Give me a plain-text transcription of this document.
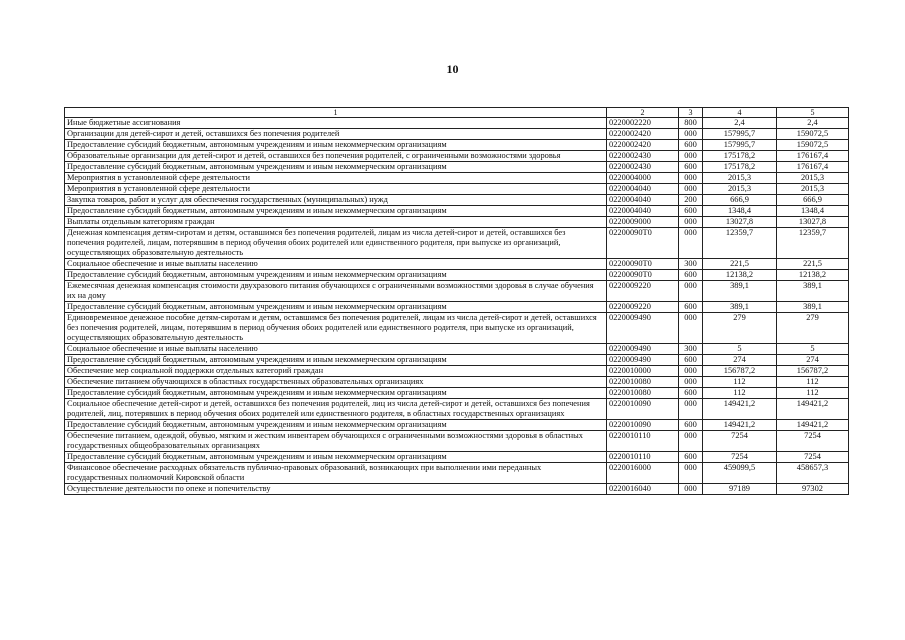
10
1	2	3	4	5
Иные бюджетные ассигнования	0220002220	800	2,4	2,4
Организации для детей-сирот и детей, оставшихся без попечения родителей	0220002420	000	157995,7	159072,5
Предоставление субсидий бюджетным, автономным учреждениям и иным некоммерческим организациям	0220002420	600	157995,7	159072,5
Образовательные организации для детей-сирот и детей, оставшихся без попечения родителей, с ограниченными возможностями здоровья	0220002430	000	175178,2	176167,4
Предоставление субсидий бюджетным, автономным учреждениям и иным некоммерческим организациям	0220002430	600	175178,2	176167,4
Мероприятия в установленной сфере деятельности	0220004000	000	2015,3	2015,3
Мероприятия в установленной сфере деятельности	0220004040	000	2015,3	2015,3
Закупка товаров, работ и услуг для обеспечения государственных (муниципальных) нужд	0220004040	200	666,9	666,9
Предоставление субсидий бюджетным, автономным учреждениям и иным некоммерческим организациям	0220004040	600	1348,4	1348,4
Выплаты отдельным категориям граждан	0220009000	000	13027,8	13027,8
Денежная компенсация детям-сиротам и детям, оставшимся без попечения родителей, лицам из числа детей-сирот и детей, оставшихся без попечения родителей, лицам, потерявшим в период обучения обоих родителей или единственного родителя, при выпуске из организаций, осуществляющих образовательную деятельность	02200090Т0	000	12359,7	12359,7
Социальное обеспечение и иные выплаты населению	02200090Т0	300	221,5	221,5
Предоставление субсидий бюджетным, автономным учреждениям и иным некоммерческим организациям	02200090Т0	600	12138,2	12138,2
Ежемесячная денежная компенсация стоимости двухразового питания обучающихся с ограниченными возможностями здоровья в случае обучения их на дому	0220009220	000	389,1	389,1
Предоставление субсидий бюджетным, автономным учреждениям и иным некоммерческим организациям	0220009220	600	389,1	389,1
Единовременное денежное пособие детям-сиротам и детям, оставшимся без попечения родителей, лицам из числа детей-сирот и детей, оставшихся без попечения родителей, лицам, потерявшим в период обучения обоих родителей или единственного родителя, при выпуске из организаций, осуществляющих образовательную деятельность	0220009490	000	279	279
Социальное обеспечение и иные выплаты населению	0220009490	300	5	5
Предоставление субсидий бюджетным, автономным учреждениям и иным некоммерческим организациям	0220009490	600	274	274
Обеспечение мер социальной поддержки отдельных категорий граждан	0220010000	000	156787,2	156787,2
Обеспечение питанием обучающихся в областных государственных образовательных организациях	0220010080	000	112	112
Предоставление субсидий бюджетным, автономным учреждениям и иным некоммерческим организациям	0220010080	600	112	112
Социальное обеспечение детей-сирот и детей, оставшихся без попечения родителей, лиц из числа детей-сирот и детей, оставшихся без попечения родителей, лиц, потерявших в период обучения обоих родителей или единственного родителя, в областных государственных организациях	0220010090	000	149421,2	149421,2
Предоставление субсидий бюджетным, автономным учреждениям и иным некоммерческим организациям	0220010090	600	149421,2	149421,2
Обеспечение питанием, одеждой, обувью, мягким и жестким инвентарем обучающихся с ограниченными возможностями здоровья в областных государственных общеобразовательных организациях	0220010110	000	7254	7254
Предоставление субсидий бюджетным, автономным учреждениям и иным некоммерческим организациям	0220010110	600	7254	7254
Финансовое обеспечение расходных обязательств публично-правовых образований, возникающих при выполнении ими переданных государственных полномочий Кировской области	0220016000	000	459099,5	458657,3
Осуществление деятельности по опеке и попечительству	0220016040	000	97189	97302
